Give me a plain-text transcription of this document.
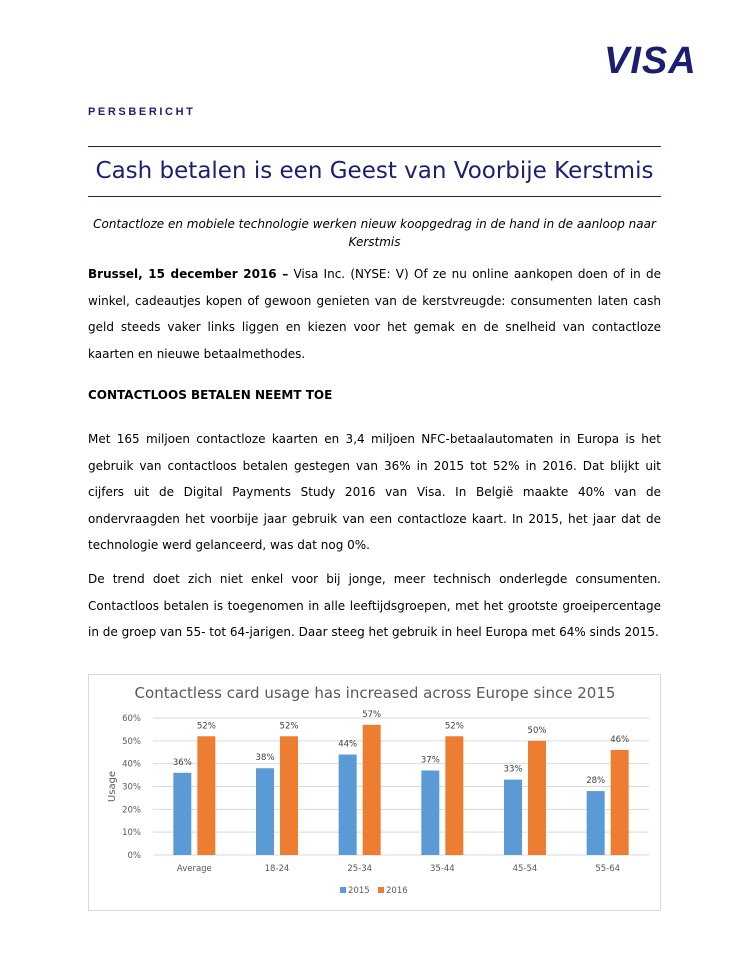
VISA
PERSBERICHT
Cash betalen is een Geest van Voorbije Kerstmis
Contactloze en mobiele technologie werken nieuw koopgedrag in de hand in de aanloop naar Kerstmis

Brussel, 15 december 2016 – Visa Inc. (NYSE: V) Of ze nu online aankopen doen of in de winkel, cadeautjes kopen of gewoon genieten van de kerstvreugde: consumenten laten cash geld steeds vaker links liggen en kiezen voor het gemak en de snelheid van contactloze kaarten en nieuwe betaalmethodes.

CONTACTLOOS BETALEN NEEMT TOE

Met 165 miljoen contactloze kaarten en 3,4 miljoen NFC-betaalautomaten in Europa is het gebruik van contactloos betalen gestegen van 36% in 2015 tot 52% in 2016. Dat blijkt uit cijfers uit de Digital Payments Study 2016 van Visa. In België maakte 40% van de ondervraagden het voorbije jaar gebruik van een contactloze kaart. In 2015, het jaar dat de technologie werd gelanceerd, was dat nog 0%.

De trend doet zich niet enkel voor bij jonge, meer technisch onderlegde consumenten. Contactloos betalen is toegenomen in alle leeftijdsgroepen, met het grootste groeipercentage in de groep van 55- tot 64-jarigen. Daar steeg het gebruik in heel Europa met 64% sinds 2015.

Contactless card usage has increased across Europe since 2015
0%
10%
20%
30%
40%
50%
60%
Usage
36%
52%
Average
38%
52%
18-24
44%
57%
25-34
37%
52%
35-44
33%
50%
45-54
28%
46%
55-64
2015 2016
